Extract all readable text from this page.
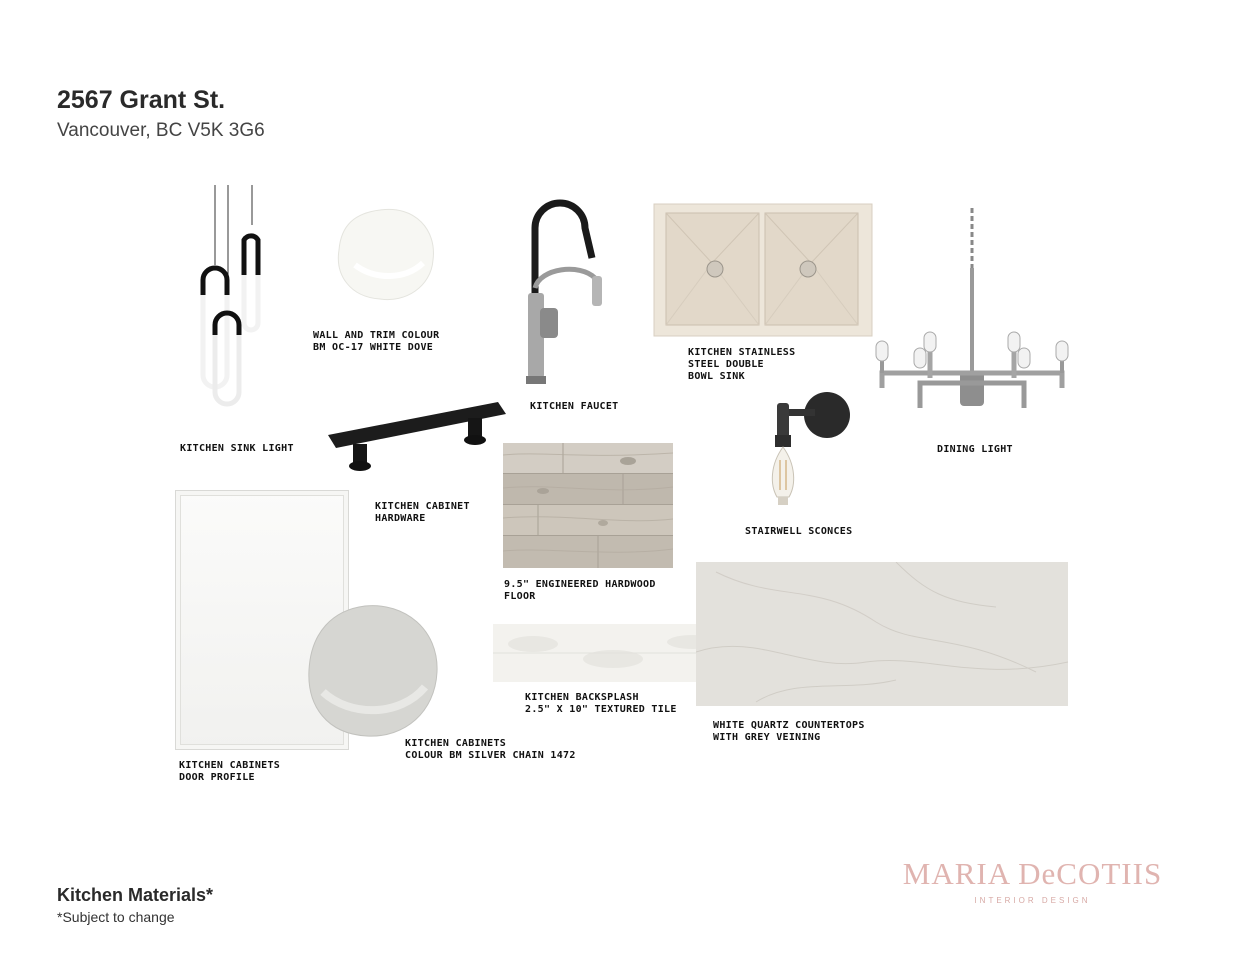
2567 Grant St.
Vancouver, BC V5K 3G6
KITCHEN SINK LIGHT
WALL AND TRIM COLOUR
BM OC-17 WHITE DOVE
KITCHEN FAUCET
KITCHEN STAINLESS
STEEL DOUBLE
BOWL SINK
DINING LIGHT
KITCHEN CABINET
HARDWARE
9.5" ENGINEERED HARDWOOD
FLOOR
STAIRWELL SCONCES
KITCHEN CABINETS
COLOUR BM SILVER CHAIN 1472
KITCHEN CABINETS
DOOR PROFILE
KITCHEN BACKSPLASH
2.5" X 10" TEXTURED TILE
WHITE QUARTZ COUNTERTOPS
WITH GREY VEINING
Kitchen Materials*
*Subject to change
MARIA DeCOTIIS
INTERIOR DESIGN
